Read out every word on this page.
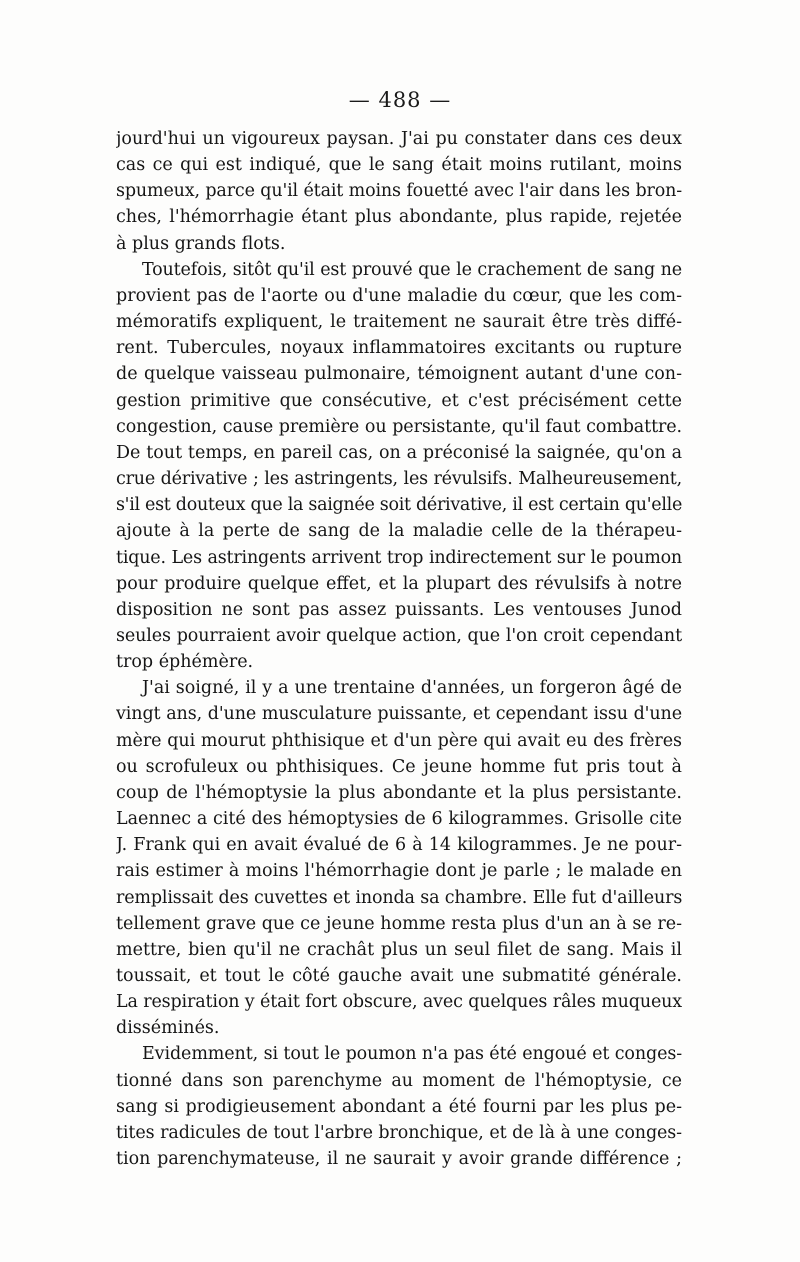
— 488 —
jourd'hui un vigoureux paysan. J'ai pu constater dans ces deux
cas ce qui est indiqué, que le sang était moins rutilant, moins
spumeux, parce qu'il était moins fouetté avec l'air dans les bron-
ches, l'hémorrhagie étant plus abondante, plus rapide, rejetée
à plus grands flots.
Toutefois, sitôt qu'il est prouvé que le crachement de sang ne
provient pas de l'aorte ou d'une maladie du cœur, que les com-
mémoratifs expliquent, le traitement ne saurait être très diffé-
rent. Tubercules, noyaux inflammatoires excitants ou rupture
de quelque vaisseau pulmonaire, témoignent autant d'une con-
gestion primitive que consécutive, et c'est précisément cette
congestion, cause première ou persistante, qu'il faut combattre.
De tout temps, en pareil cas, on a préconisé la saignée, qu'on a
crue dérivative ; les astringents, les révulsifs. Malheureusement,
s'il est douteux que la saignée soit dérivative, il est certain qu'elle
ajoute à la perte de sang de la maladie celle de la thérapeu-
tique. Les astringents arrivent trop indirectement sur le poumon
pour produire quelque effet, et la plupart des révulsifs à notre
disposition ne sont pas assez puissants. Les ventouses Junod
seules pourraient avoir quelque action, que l'on croit cependant
trop éphémère.
J'ai soigné, il y a une trentaine d'années, un forgeron âgé de
vingt ans, d'une musculature puissante, et cependant issu d'une
mère qui mourut phthisique et d'un père qui avait eu des frères
ou scrofuleux ou phthisiques. Ce jeune homme fut pris tout à
coup de l'hémoptysie la plus abondante et la plus persistante.
Laennec a cité des hémoptysies de 6 kilogrammes. Grisolle cite
J. Frank qui en avait évalué de 6 à 14 kilogrammes. Je ne pour-
rais estimer à moins l'hémorrhagie dont je parle ; le malade en
remplissait des cuvettes et inonda sa chambre. Elle fut d'ailleurs
tellement grave que ce jeune homme resta plus d'un an à se re-
mettre, bien qu'il ne crachât plus un seul filet de sang. Mais il
toussait, et tout le côté gauche avait une submatité générale.
La respiration y était fort obscure, avec quelques râles muqueux
disséminés.
Evidemment, si tout le poumon n'a pas été engoué et conges-
tionné dans son parenchyme au moment de l'hémoptysie, ce
sang si prodigieusement abondant a été fourni par les plus pe-
tites radicules de tout l'arbre bronchique, et de là à une conges-
tion parenchymateuse, il ne saurait y avoir grande différence ;
